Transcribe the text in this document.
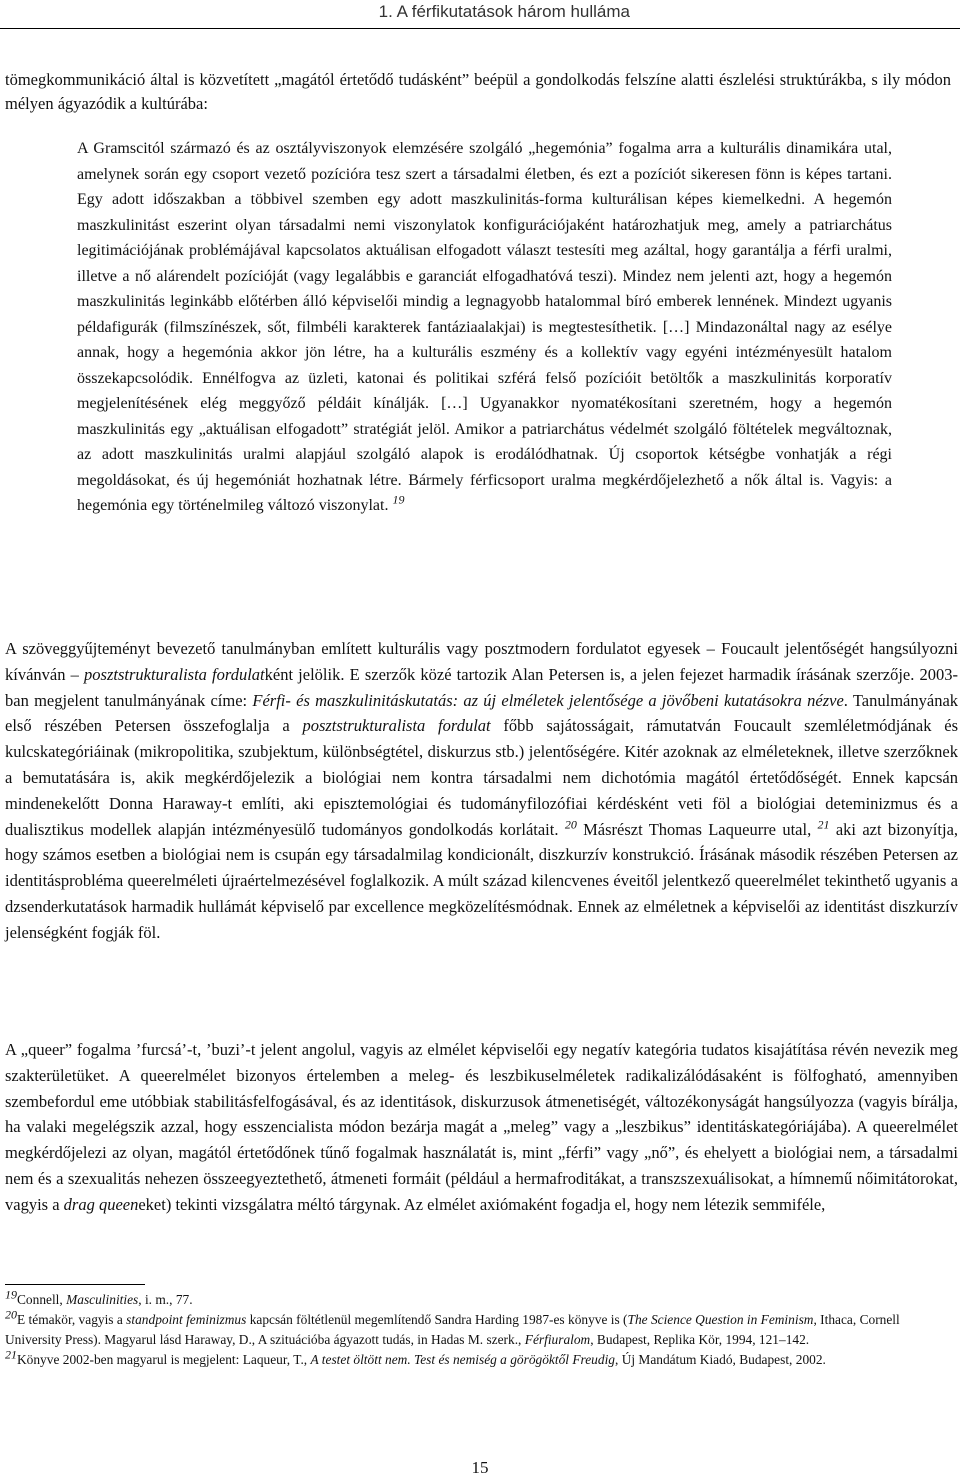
1. A férfikutatások három hulláma

tömegkommunikáció által is közvetített „magától értetődő tudásként” beépül a gondolkodás felszíne alatti észlelési struktúrákba, s ily módon mélyen ágyazódik a kultúrába:

A Gramscitól származó és az osztályviszonyok elemzésére szolgáló „hegemónia” fogalma arra a kulturális dinamikára utal, amelynek során egy csoport vezető pozícióra tesz szert a társadalmi életben, és ezt a pozíciót sikeresen fönn is képes tartani. Egy adott időszakban a többivel szemben egy adott maszkulinitás-forma kulturálisan képes kiemelkedni. A hegemón maszkulinitást eszerint olyan társadalmi nemi viszonylatok konfigurációjaként határozhatjuk meg, amely a patriarchátus legitimációjának problémájával kapcsolatos aktuálisan elfogadott választ testesíti meg azáltal, hogy garantálja a férfi uralmi, illetve a nő alárendelt pozícióját (vagy legalábbis e garanciát elfogadhatóvá teszi). Mindez nem jelenti azt, hogy a hegemón maszkulinitás leginkább előtérben álló képviselői mindig a legnagyobb hatalommal bíró emberek lennének. Mindezt ugyanis példafigurák (filmszínészek, sőt, filmbéli karakterek fantáziaalakjai) is megtestesíthetik. […] Mindazonáltal nagy az esélye annak, hogy a hegemónia akkor jön létre, ha a kulturális eszmény és a kollektív vagy egyéni intézményesült hatalom összekapcsolódik. Ennélfogva az üzleti, katonai és politikai szférá felső pozícióit betöltők a maszkulinitás korporatív megjelenítésének elég meggyőző példáit kínálják. […] Ugyanakkor nyomatékosítani szeretném, hogy a hegemón maszkulinitás egy „aktuálisan elfogadott” stratégiát jelöl. Amikor a patriarchátus védelmét szolgáló föltételek megváltoznak, az adott maszkulinitás uralmi alapjául szolgáló alapok is erodálódhatnak. Új csoportok kétségbe vonhatják a régi megoldásokat, és új hegemóniát hozhatnak létre. Bármely férficsoport uralma megkérdőjelezhető a nők által is. Vagyis: a hegemónia egy történelmileg változó viszonylat. $^{19}$

A szöveggyűjteményt bevezető tanulmányban említett kulturális vagy posztmodern fordulatot egyesek – Foucault jelentőségét hangsúlyozni kívánván – posztstrukturalista fordulatként jelölik. E szerzők közé tartozik Alan Petersen is, a jelen fejezet harmadik írásának szerzője. 2003-ban megjelent tanulmányának címe: Férfi- és maszkulinitáskutatás: az új elméletek jelentősége a jövőbeni kutatásokra nézve. Tanulmányának első részében Petersen összefoglalja a posztstrukturalista fordulat főbb sajátosságait, rámutatván Foucault szemléletmódjának és kulcskategóriáinak (mikropolitika, szubjektum, különbségtétel, diskurzus stb.) jelentőségére. Kitér azoknak az elméleteknek, illetve szerzőknek a bemutatására is, akik megkérdőjelezik a biológiai nem kontra társadalmi nem dichotómia magától értetődőségét. Ennek kapcsán mindenekelőtt Donna Haraway-t említi, aki episztemológiai és tudományfilozófiai kérdésként veti föl a biológiai deteminizmus és a dualisztikus modellek alapján intézményesülő tudományos gondolkodás korlátait. $^{20}$ Másrészt Thomas Laqueurre utal, $^{21}$ aki azt bizonyítja, hogy számos esetben a biológiai nem is csupán egy társadalmilag kondicionált, diszkurzív konstrukció. Írásának második részében Petersen az identitásprobléma queerelméleti újraértelmezésével foglalkozik. A múlt század kilencvenes éveitől jelentkező queerelmélet tekinthető ugyanis a dzsenderkutatások harmadik hullámát képviselő par excellence megközelítésmódnak. Ennek az elméletnek a képviselői az identitást diszkurzív jelenségként fogják föl.

A „queer” fogalma ’furcsá’-t, ’buzi’-t jelent angolul, vagyis az elmélet képviselői egy negatív kategória tudatos kisajátítása révén nevezik meg szakterületüket. A queerelmélet bizonyos értelemben a meleg- és leszbikuselméletek radikalizálódásaként is fölfogható, amennyiben szembefordul eme utóbbiak stabilitásfelfogásával, és az identitások, diskurzusok átmenetiségét, változékonyságát hangsúlyozza (vagyis bírálja, ha valaki megelégszik azzal, hogy esszencialista módon bezárja magát a „meleg” vagy a „leszbikus” identitáskategóriájába). A queerelmélet megkérdőjelezi az olyan, magától értetődőnek tűnő fogalmak használatát is, mint „férfi” vagy „nő”, és ehelyett a biológiai nem, a társadalmi nem és a szexualitás nehezen összeegyeztethető, átmeneti formáit (például a hermafroditákat, a transzszexuálisokat, a hímnemű nőimitátorokat, vagyis a drag queeneket) tekinti vizsgálatra méltó tárgynak. Az elmélet axiómaként fogadja el, hogy nem létezik semmiféle,

$^{19}$Connell, Masculinities, i. m., 77.

$^{20}$E témakör, vagyis a standpoint feminizmus kapcsán föltétlenül megemlítendő Sandra Harding 1987-es könyve is (The Science Question in Feminism, Ithaca, Cornell University Press). Magyarul lásd Haraway, D., A szituációba ágyazott tudás, in Hadas M. szerk., Férfiuralom, Budapest, Replika Kör, 1994, 121–142.

$^{21}$Könyve 2002-ben magyarul is megjelent: Laqueur, T., A testet öltött nem. Test és nemiség a görögöktől Freudig, Új Mandátum Kiadó, Budapest, 2002.

15
